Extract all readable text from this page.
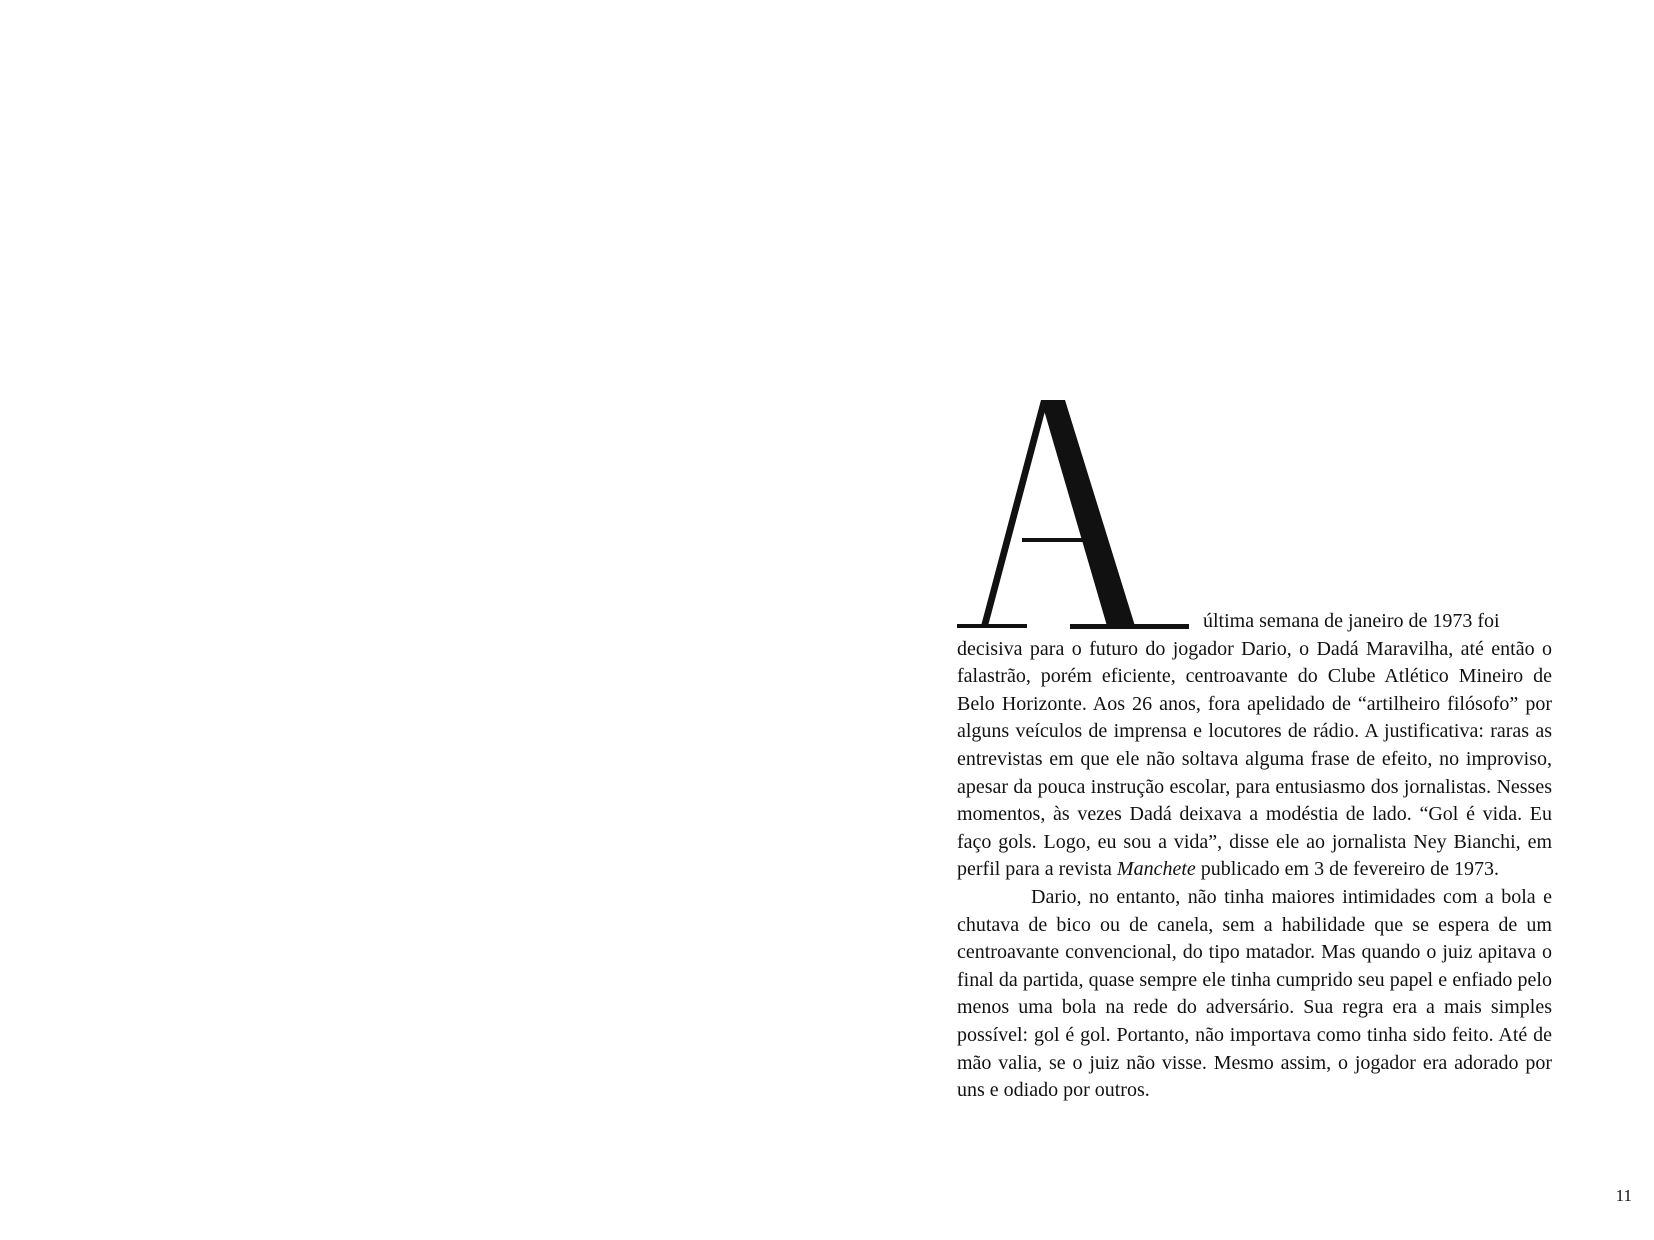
última semana de janeiro de 1973 foi
decisiva para o futuro do jogador Dario, o Dadá Maravilha, até então o falastrão, porém eficiente, centroavante do Clube Atlético Mineiro de Belo Horizonte. Aos 26 anos, fora apelidado de “artilheiro filósofo” por alguns veículos de imprensa e locutores de rádio. A justificativa: raras as entrevistas em que ele não soltava alguma frase de efeito, no improviso, apesar da pouca instrução escolar, para entusiasmo dos jornalistas. Nesses momentos, às vezes Dadá deixava a modéstia de lado. “Gol é vida. Eu faço gols. Logo, eu sou a vida”, disse ele ao jornalista Ney Bianchi, em perfil para a revista Manchete publicado em 3 de fevereiro de 1973.

Dario, no entanto, não tinha maiores intimidades com a bola e chutava de bico ou de canela, sem a habilidade que se espera de um centroavante convencional, do tipo matador. Mas quando o juiz apitava o final da partida, quase sempre ele tinha cumprido seu papel e enfiado pelo menos uma bola na rede do adversário. Sua regra era a mais simples possível: gol é gol. Portanto, não importava como tinha sido feito. Até de mão valia, se o juiz não visse. Mesmo assim, o jogador era adorado por uns e odiado por outros.

11
